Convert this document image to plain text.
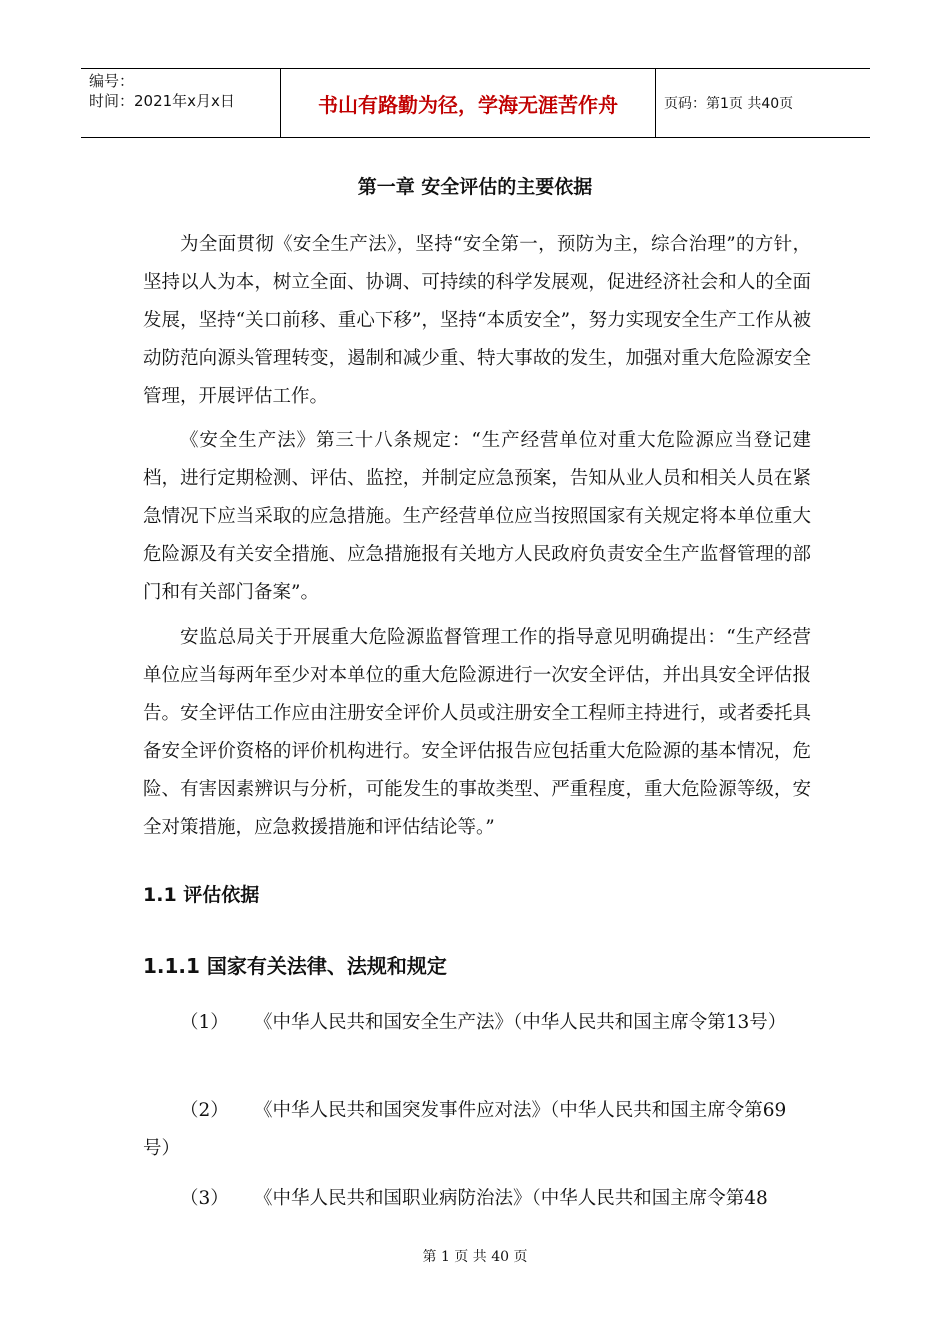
编号：
时间：2021年x月x日	书山有路勤为径，学海无涯苦作舟	页码：第1页 共40页
第一章 安全评估的主要依据

为全面贯彻《安全生产法》，坚持“安全第一，预防为主，综合治理”的方针，坚持以人为本，树立全面、协调、可持续的科学发展观，促进经济社会和人的全面发展，坚持“关口前移、重心下移”，坚持“本质安全”，努力实现安全生产工作从被动防范向源头管理转变，遏制和减少重、特大事故的发生，加强对重大危险源安全管理，开展评估工作。

《安全生产法》第三十八条规定：“生产经营单位对重大危险源应当登记建档，进行定期检测、评估、监控，并制定应急预案，告知从业人员和相关人员在紧急情况下应当采取的应急措施。生产经营单位应当按照国家有关规定将本单位重大危险源及有关安全措施、应急措施报有关地方人民政府负责安全生产监督管理的部门和有关部门备案”。

安监总局关于开展重大危险源监督管理工作的指导意见明确提出：“生产经营单位应当每两年至少对本单位的重大危险源进行一次安全评估，并出具安全评估报告。安全评估工作应由注册安全评价人员或注册安全工程师主持进行，或者委托具备安全评价资格的评价机构进行。安全评估报告应包括重大危险源的基本情况，危险、有害因素辨识与分析，可能发生的事故类型、严重程度，重大危险源等级，安全对策措施，应急救援措施和评估结论等。”

1.1 评估依据
1.1.1 国家有关法律、法规和规定

（1） 《中华人民共和国安全生产法》（中华人民共和国主席令第13号）

（2） 《中华人民共和国突发事件应对法》（中华人民共和国主席令第69号）

（3） 《中华人民共和国职业病防治法》（中华人民共和国主席令第48

第 1 页 共 40 页
